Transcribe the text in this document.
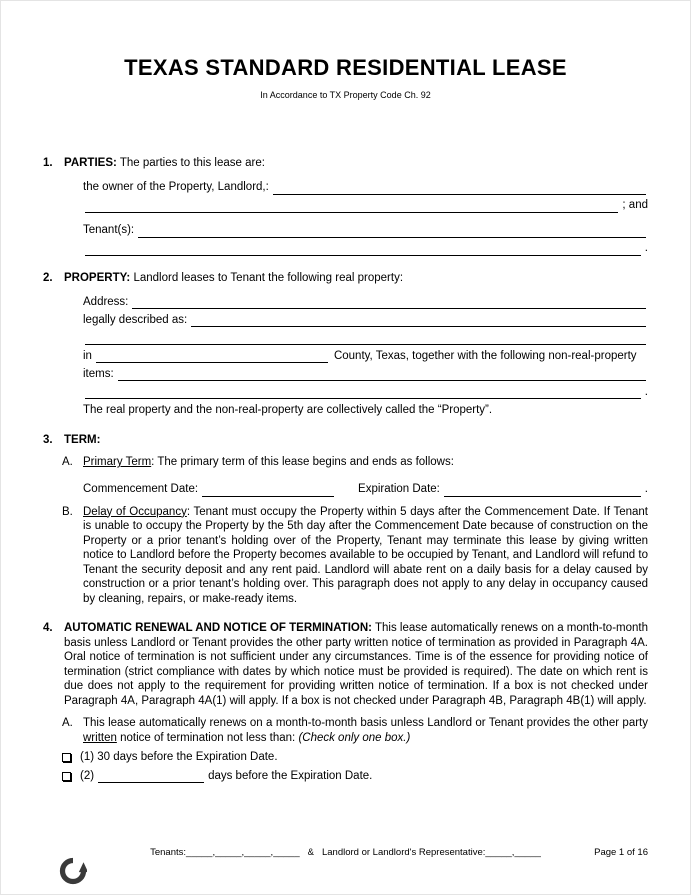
TEXAS STANDARD RESIDENTIAL LEASE
In Accordance to TX Property Code Ch. 92
1. PARTIES: The parties to this lease are:
the owner of the Property, Landlord,:
; and
Tenant(s):
.
2. PROPERTY: Landlord leases to Tenant the following real property:
Address:
legally described as:
in	County, Texas, together with the following non-real-property
items:
.
The real property and the non-real-property are collectively called the “Property”.
3. TERM:
A. Primary Term: The primary term of this lease begins and ends as follows:
Commencement Date:	Expiration Date:	.
B. Delay of Occupancy: Tenant must occupy the Property within 5 days after the Commencement Date. If Tenant is unable to occupy the Property by the 5th day after the Commencement Date because of construction on the Property or a prior tenant’s holding over of the Property, Tenant may terminate this lease by giving written notice to Landlord before the Property becomes available to be occupied by Tenant, and Landlord will refund to Tenant the security deposit and any rent paid. Landlord will abate rent on a daily basis for a delay caused by construction or a prior tenant’s holding over. This paragraph does not apply to any delay in occupancy caused by cleaning, repairs, or make-ready items.
4. AUTOMATIC RENEWAL AND NOTICE OF TERMINATION: This lease automatically renews on a month-to-month basis unless Landlord or Tenant provides the other party written notice of termination as provided in Paragraph 4A. Oral notice of termination is not sufficient under any circumstances. Time is of the essence for providing notice of termination (strict compliance with dates by which notice must be provided is required). The date on which rent is due does not apply to the requirement for providing written notice of termination. If a box is not checked under Paragraph 4A, Paragraph 4A(1) will apply. If a box is not checked under Paragraph 4B, Paragraph 4B(1) will apply.
A. This lease automatically renews on a month-to-month basis unless Landlord or Tenant provides the other party written notice of termination not less than: (Check only one box.)
(1) 30 days before the Expiration Date.
(2)	days before the Expiration Date.
Tenants:_____,_____,_____,_____ & Landlord or Landlord's Representative:_____,_____	Page 1 of 16
